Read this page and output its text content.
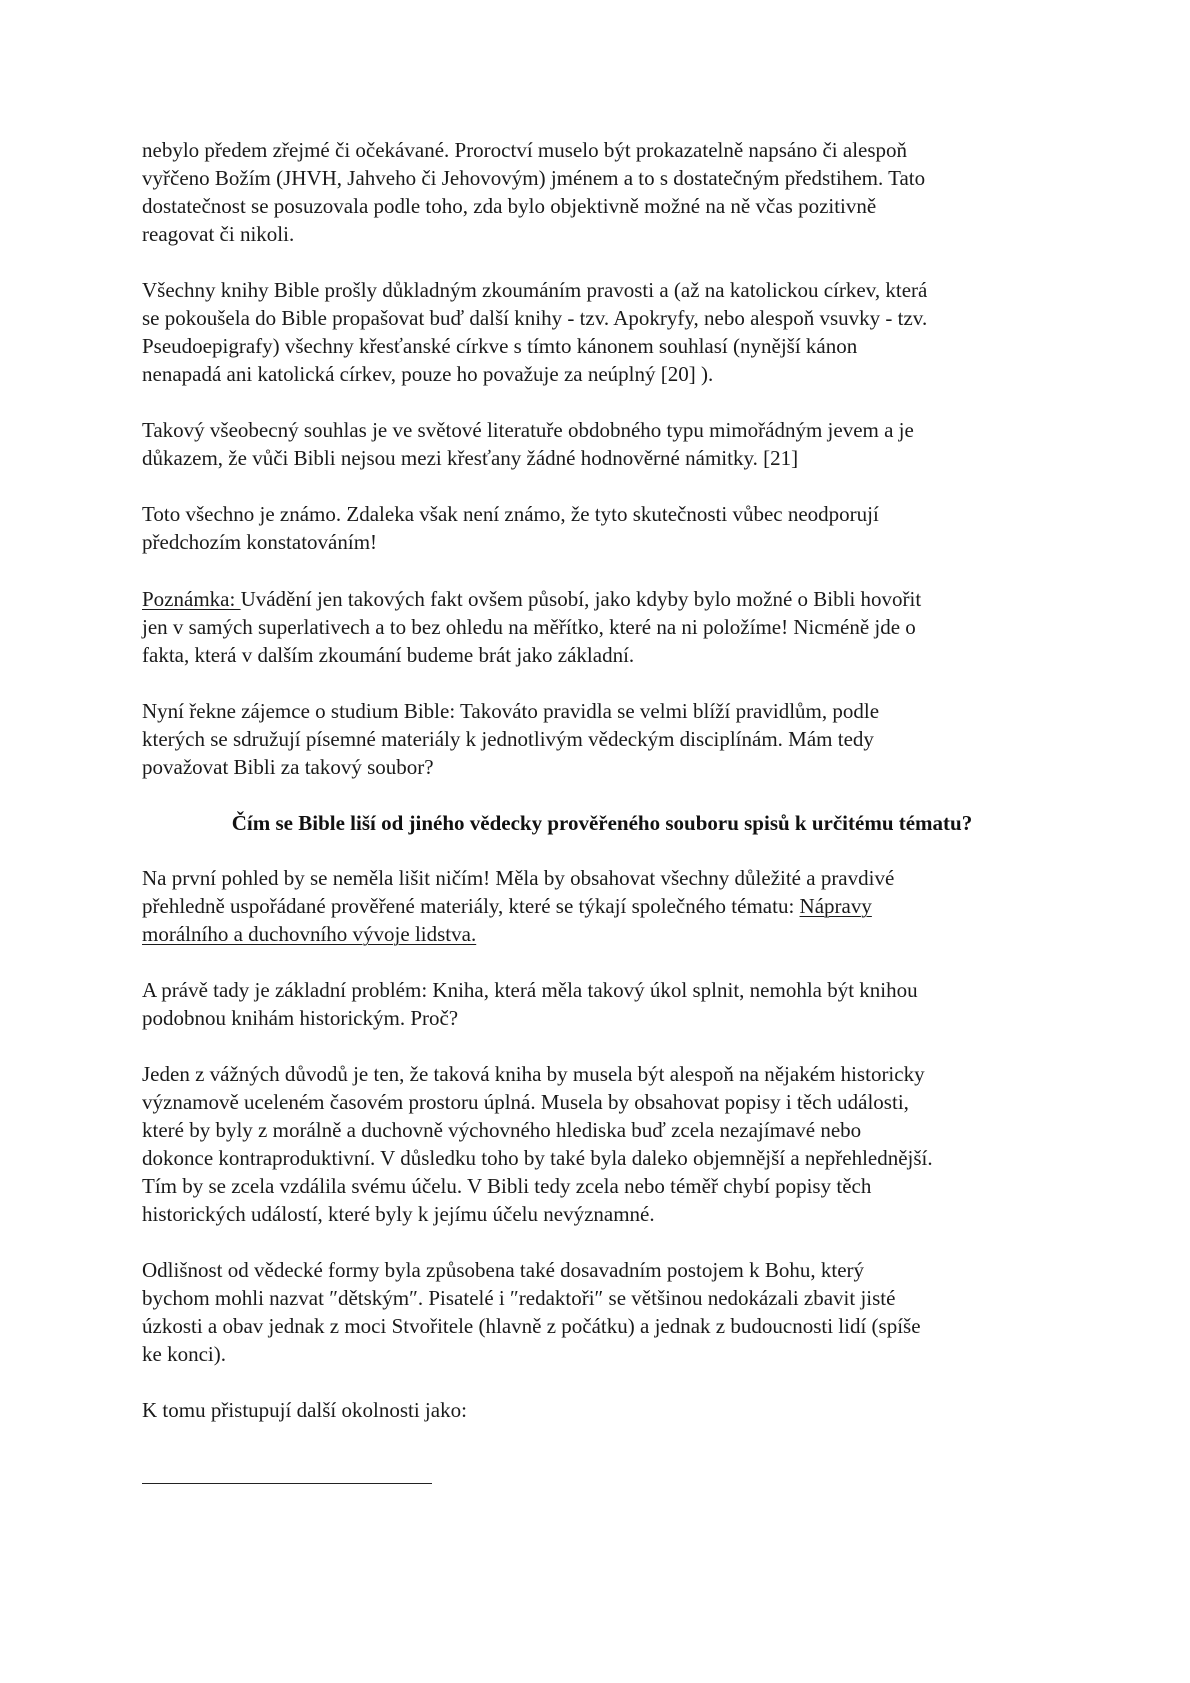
nebylo předem zřejmé či očekávané. Proroctví muselo být prokazatelně napsáno či alespoň
vyřčeno Božím (JHVH, Jahveho či Jehovovým) jménem a to s dostatečným předstihem. Tato
dostatečnost se posuzovala podle toho, zda bylo objektivně možné na ně včas pozitivně
reagovat či nikoli.
Všechny knihy Bible prošly důkladným zkoumáním pravosti a (až na katolickou církev, která
se pokoušela do Bible propašovat buď další knihy - tzv. Apokryfy, nebo alespoň vsuvky - tzv.
Pseudoepigrafy) všechny křesťanské církve s tímto kánonem souhlasí (nynější kánon
nenapadá ani katolická církev, pouze ho považuje za neúplný [20] ).
Takový všeobecný souhlas je ve světové literatuře obdobného typu mimořádným jevem a je
důkazem, že vůči Bibli nejsou mezi křesťany žádné hodnověrné námitky. [21]
Toto všechno je známo. Zdaleka však není známo, že tyto skutečnosti vůbec neodporují
předchozím konstatováním!
Poznámka: Uvádění jen takových fakt ovšem působí, jako kdyby bylo možné o Bibli hovořit
jen v samých superlativech a to bez ohledu na měřítko, které na ni položíme! Nicméně jde o
fakta, která v dalším zkoumání budeme brát jako základní.
Nyní řekne zájemce o studium Bible: Takováto pravidla se velmi blíží pravidlům, podle
kterých se sdružují písemné materiály k jednotlivým vědeckým disciplínám. Mám tedy
považovat Bibli za takový soubor?
Čím se Bible liší od jiného vědecky prověřeného souboru spisů k určitému tématu?
Na první pohled by se neměla lišit ničím! Měla by obsahovat všechny důležité a pravdivé
přehledně uspořádané prověřené materiály, které se týkají společného tématu: Nápravy
morálního a duchovního vývoje lidstva.
A právě tady je základní problém: Kniha, která měla takový úkol splnit, nemohla být knihou
podobnou knihám historickým. Proč?
Jeden z vážných důvodů je ten, že taková kniha by musela být alespoň na nějakém historicky
významově uceleném časovém prostoru úplná. Musela by obsahovat popisy i těch události,
které by byly z morálně a duchovně výchovného hlediska buď zcela nezajímavé nebo
dokonce kontraproduktivní. V důsledku toho by také byla daleko objemnější a nepřehlednější.
Tím by se zcela vzdálila svému účelu. V Bibli tedy zcela nebo téměř chybí popisy těch
historických událostí, které byly k jejímu účelu nevýznamné.
Odlišnost od vědecké formy byla způsobena také dosavadním postojem k Bohu, který
bychom mohli nazvat ″dětským″. Pisatelé i ″redaktoři″ se většinou nedokázali zbavit jisté
úzkosti a obav jednak z moci Stvořitele (hlavně z počátku) a jednak z budoucnosti lidí (spíše
ke konci).
K tomu přistupují další okolnosti jako:
